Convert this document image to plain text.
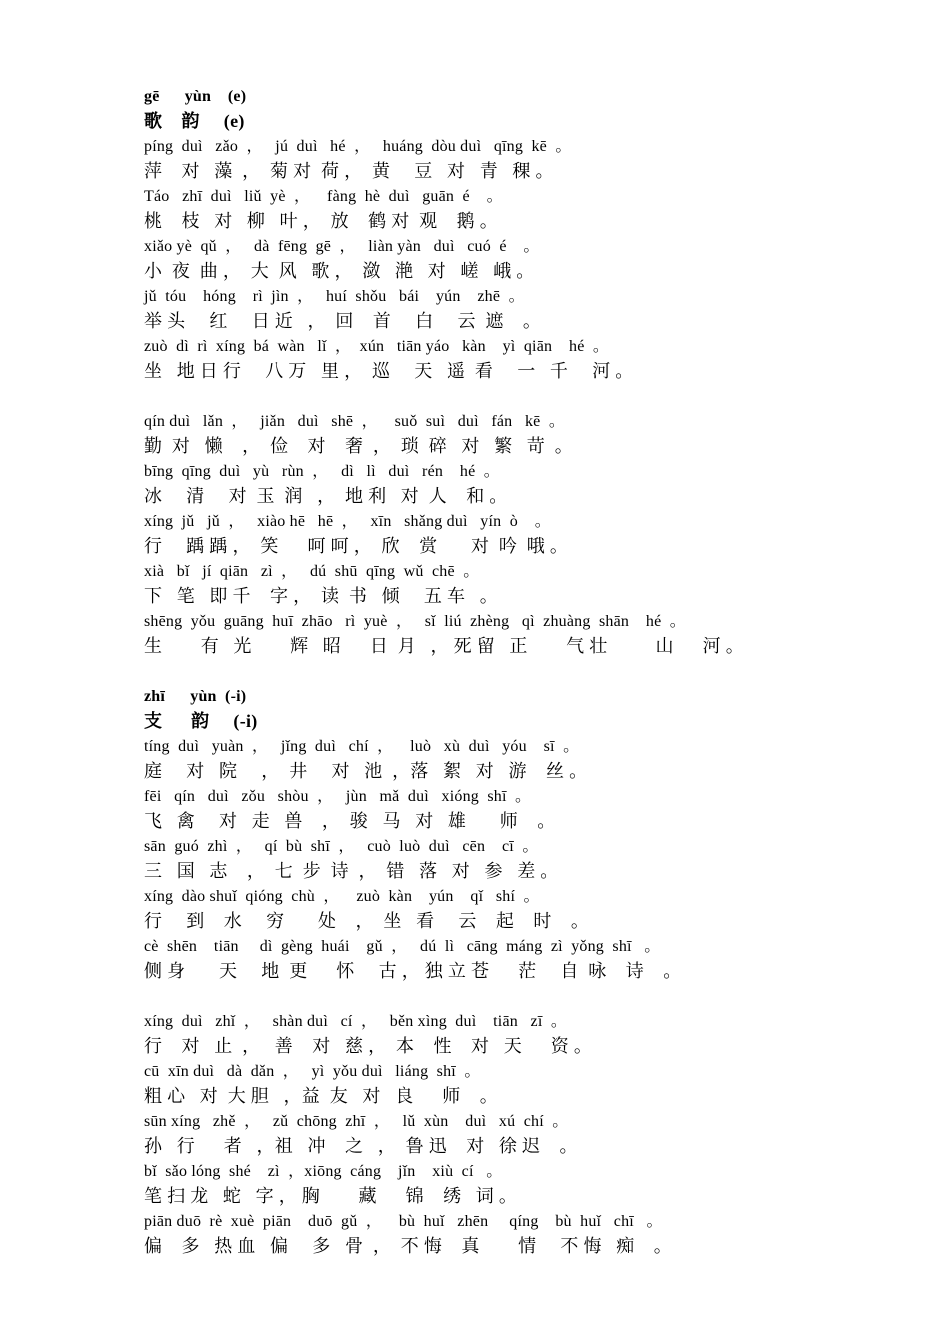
gē      yùn    (e)
歌    韵     (e)
píng  duì   zǎo  ，   jú  duì   hé  ，   huáng  dòu duì   qīng  kē  。
萍    对   藻  ，  菊 对  荷 ，  黄     豆   对   青   稞 。
Táo   zhī  duì   liǔ  yè  ，    fàng  hè  duì   guān  é    。
桃    枝   对   柳   叶 ，  放    鹤 对  观    鹅 。
xiǎo yè  qǔ  ，   dà  fēng  gē  ，   liàn yàn   duì   cuó  é    。
小  夜  曲 ，  大  风   歌 ，  潋   滟   对   嵯   峨 。
jǔ  tóu    hóng    rì  jìn  ，   huí  shǒu   bái    yún    zhē  。
举 头     红     日 近   ，  回    首     白     云  遮    。
zuò  dì  rì  xíng  bá  wàn   lǐ  ，  xún   tiān yáo   kàn    yì  qiān    hé  。
坐   地 日 行     八 万   里 ，  巡     天   遥  看     一   千     河 。
qín duì   lǎn  ，   jiǎn   duì   shē  ，    suǒ  suì   duì   fán   kē  。
勤  对   懒    ，  俭    对    奢  ，  琐  碎   对   繁   苛  。
bīng  qīng  duì   yù   rùn  ，   dì   lì   duì   rén    hé  。
冰     清     对  玉  润   ，  地 利   对  人    和 。
xíng  jǔ   jǔ  ，   xiào hē   hē  ，   xīn   shǎng duì   yín  ò    。
行     踽 踽 ，  笑      呵 呵 ，  欣    赏       对  吟  哦 。
xià   bǐ   jí  qiān   zì  ，   dú  shū  qīng  wǔ  chē  。
下   笔   即 千    字 ，  读  书   倾     五 车   。
shēng  yǒu  guāng  huī  zhāo   rì  yuè  ，   sǐ  liú  zhèng   qì  zhuàng  shān    hé  。
生        有   光        辉   昭      日  月   ， 死 留   正        气 壮          山      河 。
zhī      yùn  (-i)
支      韵     (-i)
tíng  duì   yuàn  ，   jǐng  duì   chí  ，    luò   xù  duì   yóu    sī  。
庭     对   院     ，  井     对   池  ，落   絮   对   游    丝 。
fēi   qín   duì   zǒu   shòu  ，   jùn   mǎ  duì   xióng  shī  。
飞   禽     对   走   兽    ，  骏   马   对   雄       师    。
sān  guó  zhì  ，   qí  bù  shī  ，   cuò  luò  duì   cēn    cī  。
三   国   志    ，  七  步  诗  ，  错   落   对   参   差 。
xíng  dào shuǐ  qióng  chù  ，    zuò  kàn    yún    qǐ   shí  。
行     到    水     穷       处    ，  坐   看     云    起    时    。
cè  shēn    tiān     dì  gèng  huái    gǔ  ，   dú  lì   cāng  máng  zì  yǒng  shī   。
侧 身       天     地  更      怀     古 ， 独 立 苍      茫     自  咏    诗    。
xíng  duì   zhǐ  ，   shàn duì   cí  ，   běn xìng  duì    tiān   zī  。
行    对   止  ，   善    对   慈 ，  本    性    对   天      资 。
cū  xīn duì   dà  dǎn  ，   yì  yǒu duì   liáng  shī  。
粗 心   对  大 胆   ，益  友   对   良      师    。
sūn xíng   zhě  ，   zǔ  chōng  zhī  ，   lǔ  xùn    duì   xú  chí  。
孙   行      者   ，祖   冲    之   ，  鲁 迅    对   徐 迟    。
bǐ  sǎo lóng  shé    zì  ，xiōng  cáng    jǐn    xiù  cí   。
笔 扫 龙   蛇   字 ， 胸        藏      锦    绣   词 。
piān duō  rè  xuè  piān    duō  gǔ  ，    bù  huǐ   zhēn     qíng    bù  huǐ   chī   。
偏    多   热 血   偏     多   骨  ，  不 悔    真        情     不 悔   痴    。
